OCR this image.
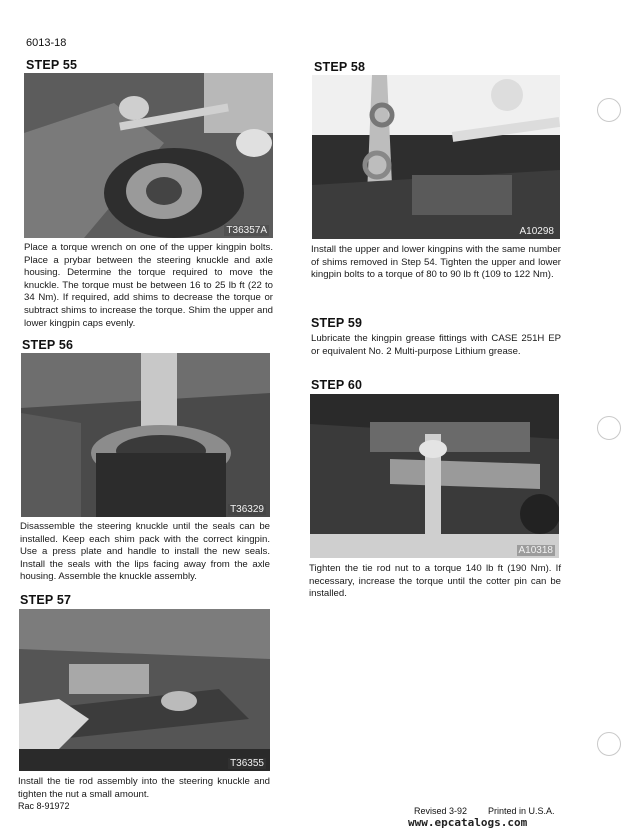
6013-18
STEP 55
T36357A
Place a torque wrench on one of the upper kingpin bolts. Place a prybar between the steering knuckle and axle housing. Determine the torque required to move the knuckle. The torque must be between 16 to 25 lb ft (22 to 34 Nm). If required, add shims to decrease the torque or subtract shims to increase the torque. Shim the upper and lower kingpin caps evenly.
STEP 56
T36329
Disassemble the steering knuckle until the seals can be installed. Keep each shim pack with the correct kingpin. Use a press plate and handle to install the new seals. Install the seals with the lips facing away from the axle housing. Assemble the knuckle assembly.
STEP 57
T36355
Install the tie rod assembly into the steering knuckle and tighten the nut a small amount.
STEP 58
A10298
Install the upper and lower kingpins with the same number of shims removed in Step 54. Tighten the upper and lower kingpin bolts to a torque of 80 to 90 lb ft (109 to 122 Nm).
STEP 59
Lubricate the kingpin grease fittings with CASE 251H EP or equivalent No. 2 Multi-purpose Lithium grease.
STEP 60
A10318
Tighten the tie rod nut to a torque 140 lb ft (190 Nm). If necessary, increase the torque until the cotter pin can be installed.
Rac 8-91972	Revised 3-92 Printed in U.S.A.
www.epcatalogs.com
